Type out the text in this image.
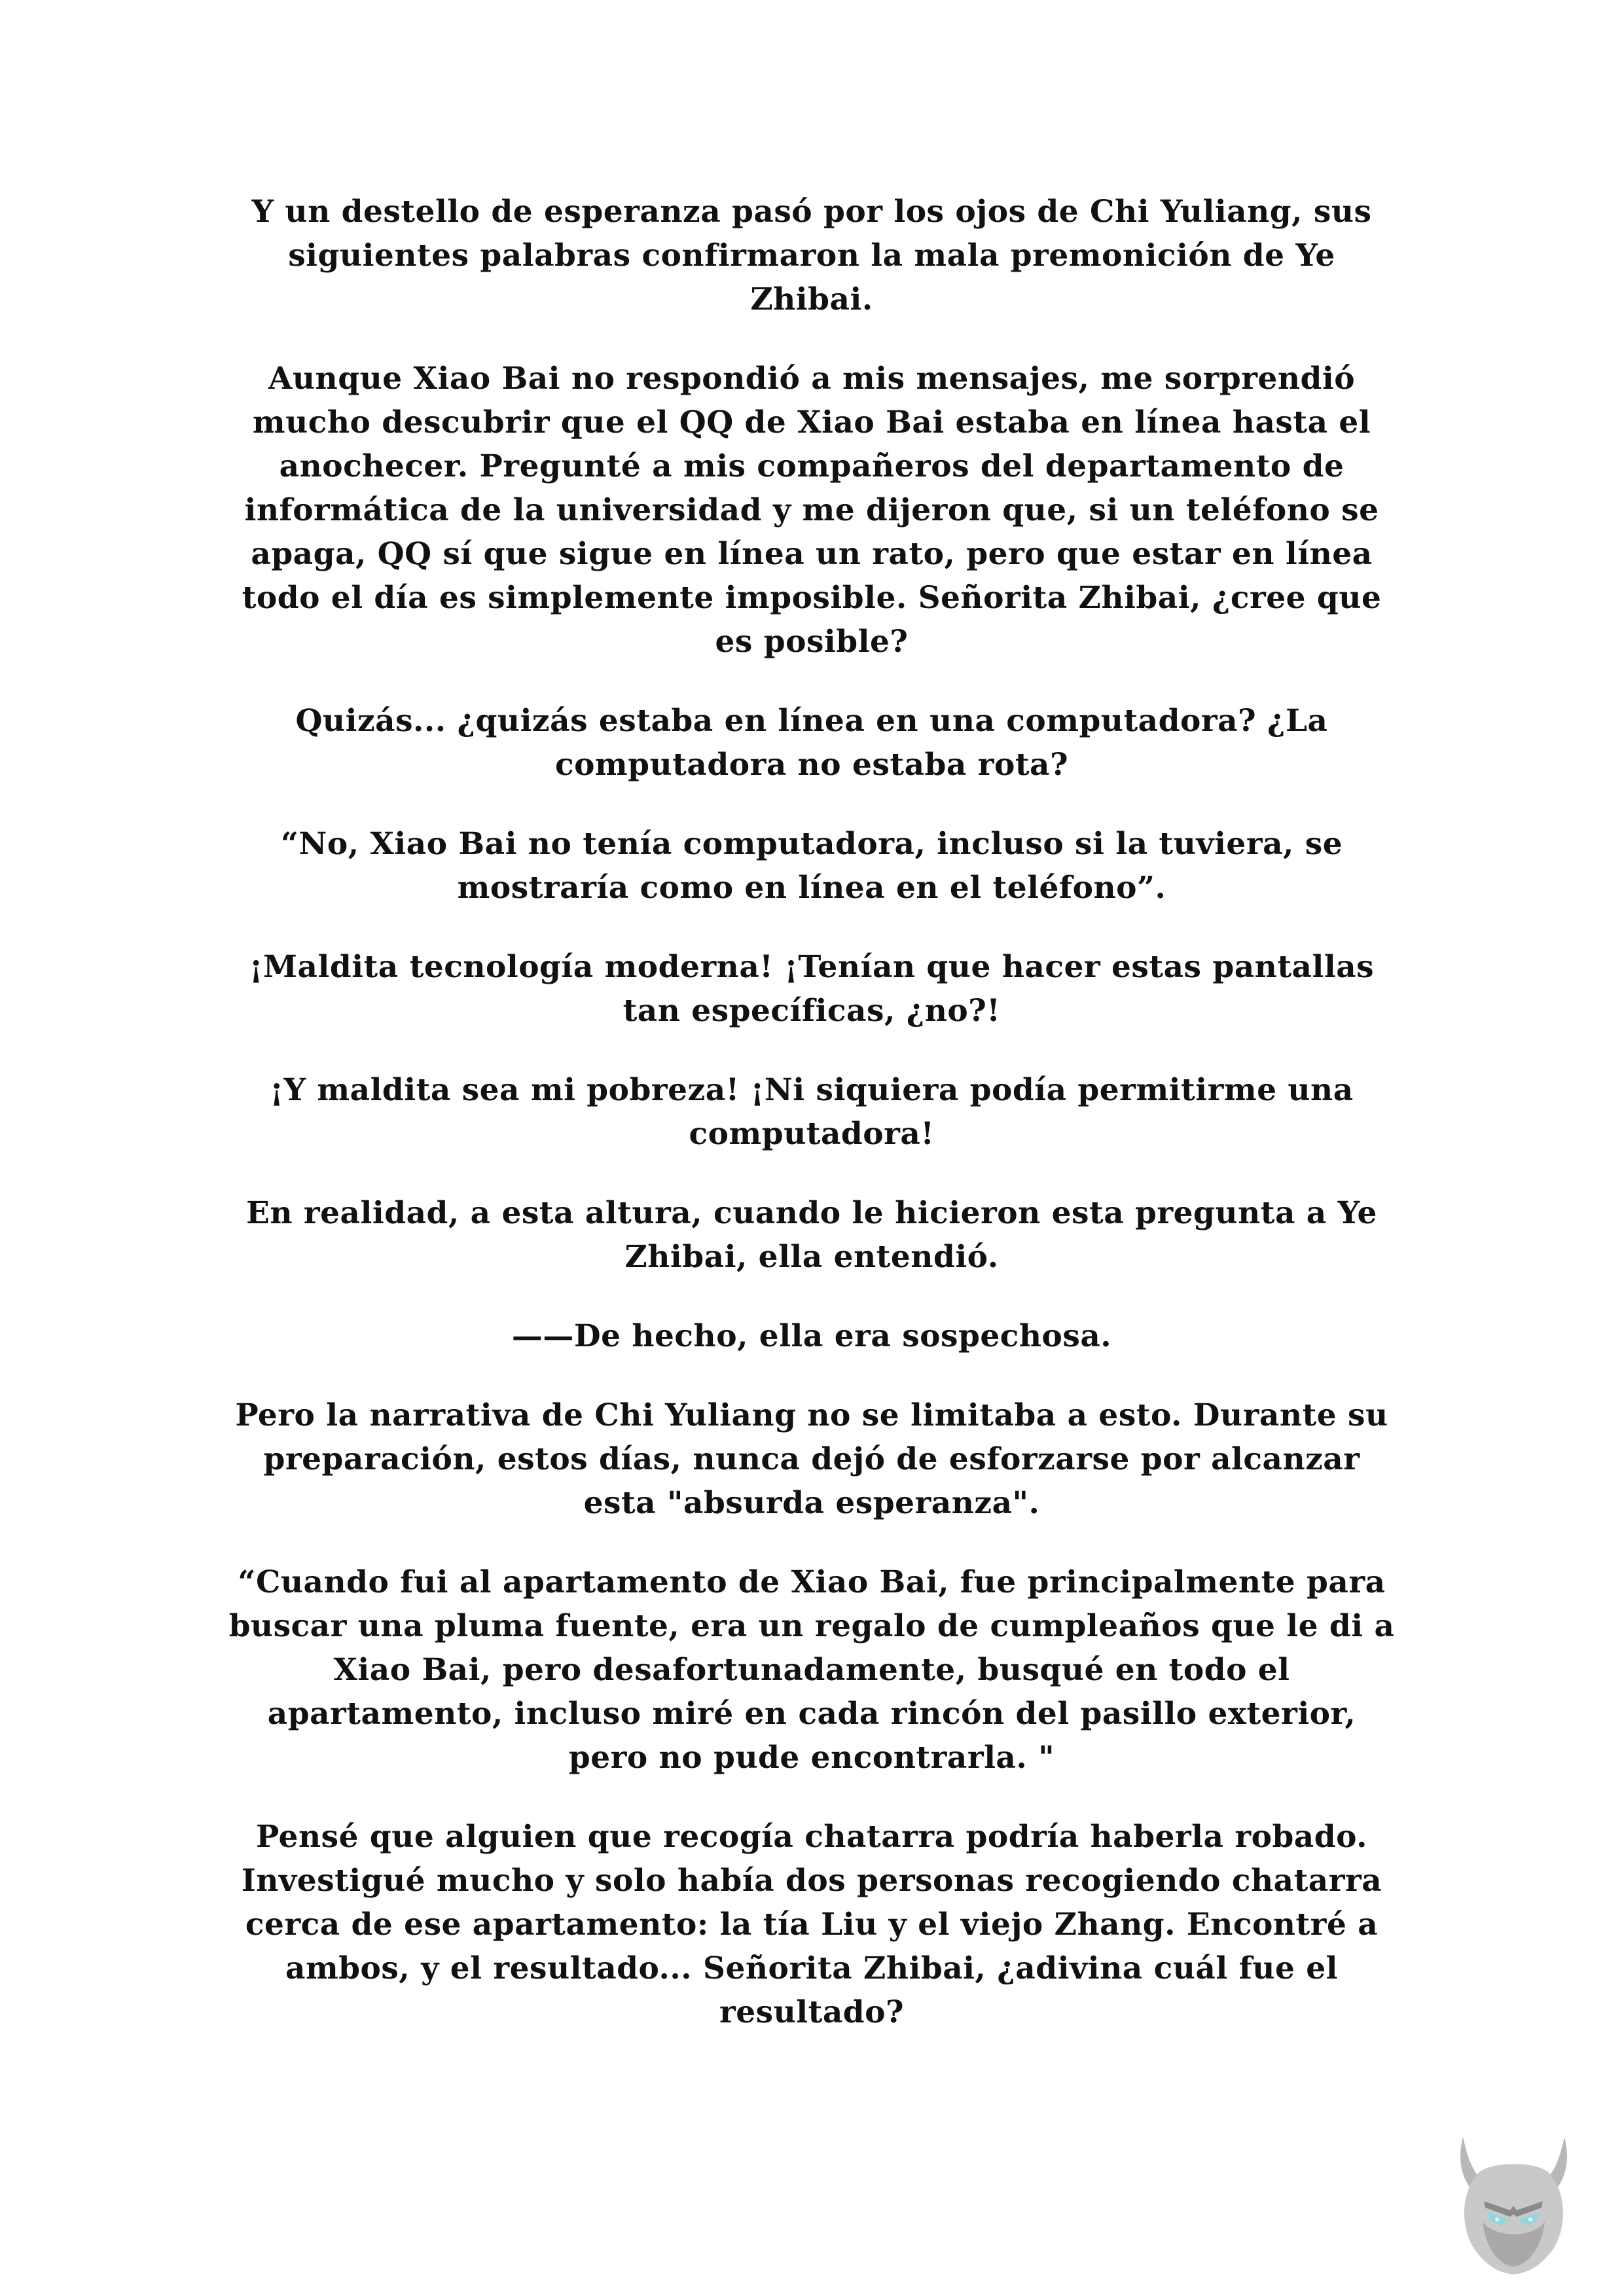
Y un destello de esperanza pasó por los ojos de Chi Yuliang, sus siguientes palabras confirmaron la mala premonición de Ye Zhibai.

Aunque Xiao Bai no respondió a mis mensajes, me sorprendió mucho descubrir que el QQ de Xiao Bai estaba en línea hasta el anochecer. Pregunté a mis compañeros del departamento de informática de la universidad y me dijeron que, si un teléfono se apaga, QQ sí que sigue en línea un rato, pero que estar en línea todo el día es simplemente imposible. Señorita Zhibai, ¿cree que es posible?

Quizás... ¿quizás estaba en línea en una computadora? ¿La computadora no estaba rota?

“No, Xiao Bai no tenía computadora, incluso si la tuviera, se mostraría como en línea en el teléfono”.

¡Maldita tecnología moderna! ¡Tenían que hacer estas pantallas tan específicas, ¿no?!

¡Y maldita sea mi pobreza! ¡Ni siquiera podía permitirme una computadora!

En realidad, a esta altura, cuando le hicieron esta pregunta a Ye Zhibai, ella entendió.

——De hecho, ella era sospechosa.

Pero la narrativa de Chi Yuliang no se limitaba a esto. Durante su preparación, estos días, nunca dejó de esforzarse por alcanzar esta "absurda esperanza".

“Cuando fui al apartamento de Xiao Bai, fue principalmente para buscar una pluma fuente, era un regalo de cumpleaños que le di a Xiao Bai, pero desafortunadamente, busqué en todo el apartamento, incluso miré en cada rincón del pasillo exterior, pero no pude encontrarla. "

Pensé que alguien que recogía chatarra podría haberla robado. Investigué mucho y solo había dos personas recogiendo chatarra cerca de ese apartamento: la tía Liu y el viejo Zhang. Encontré a ambos, y el resultado... Señorita Zhibai, ¿adivina cuál fue el resultado?
